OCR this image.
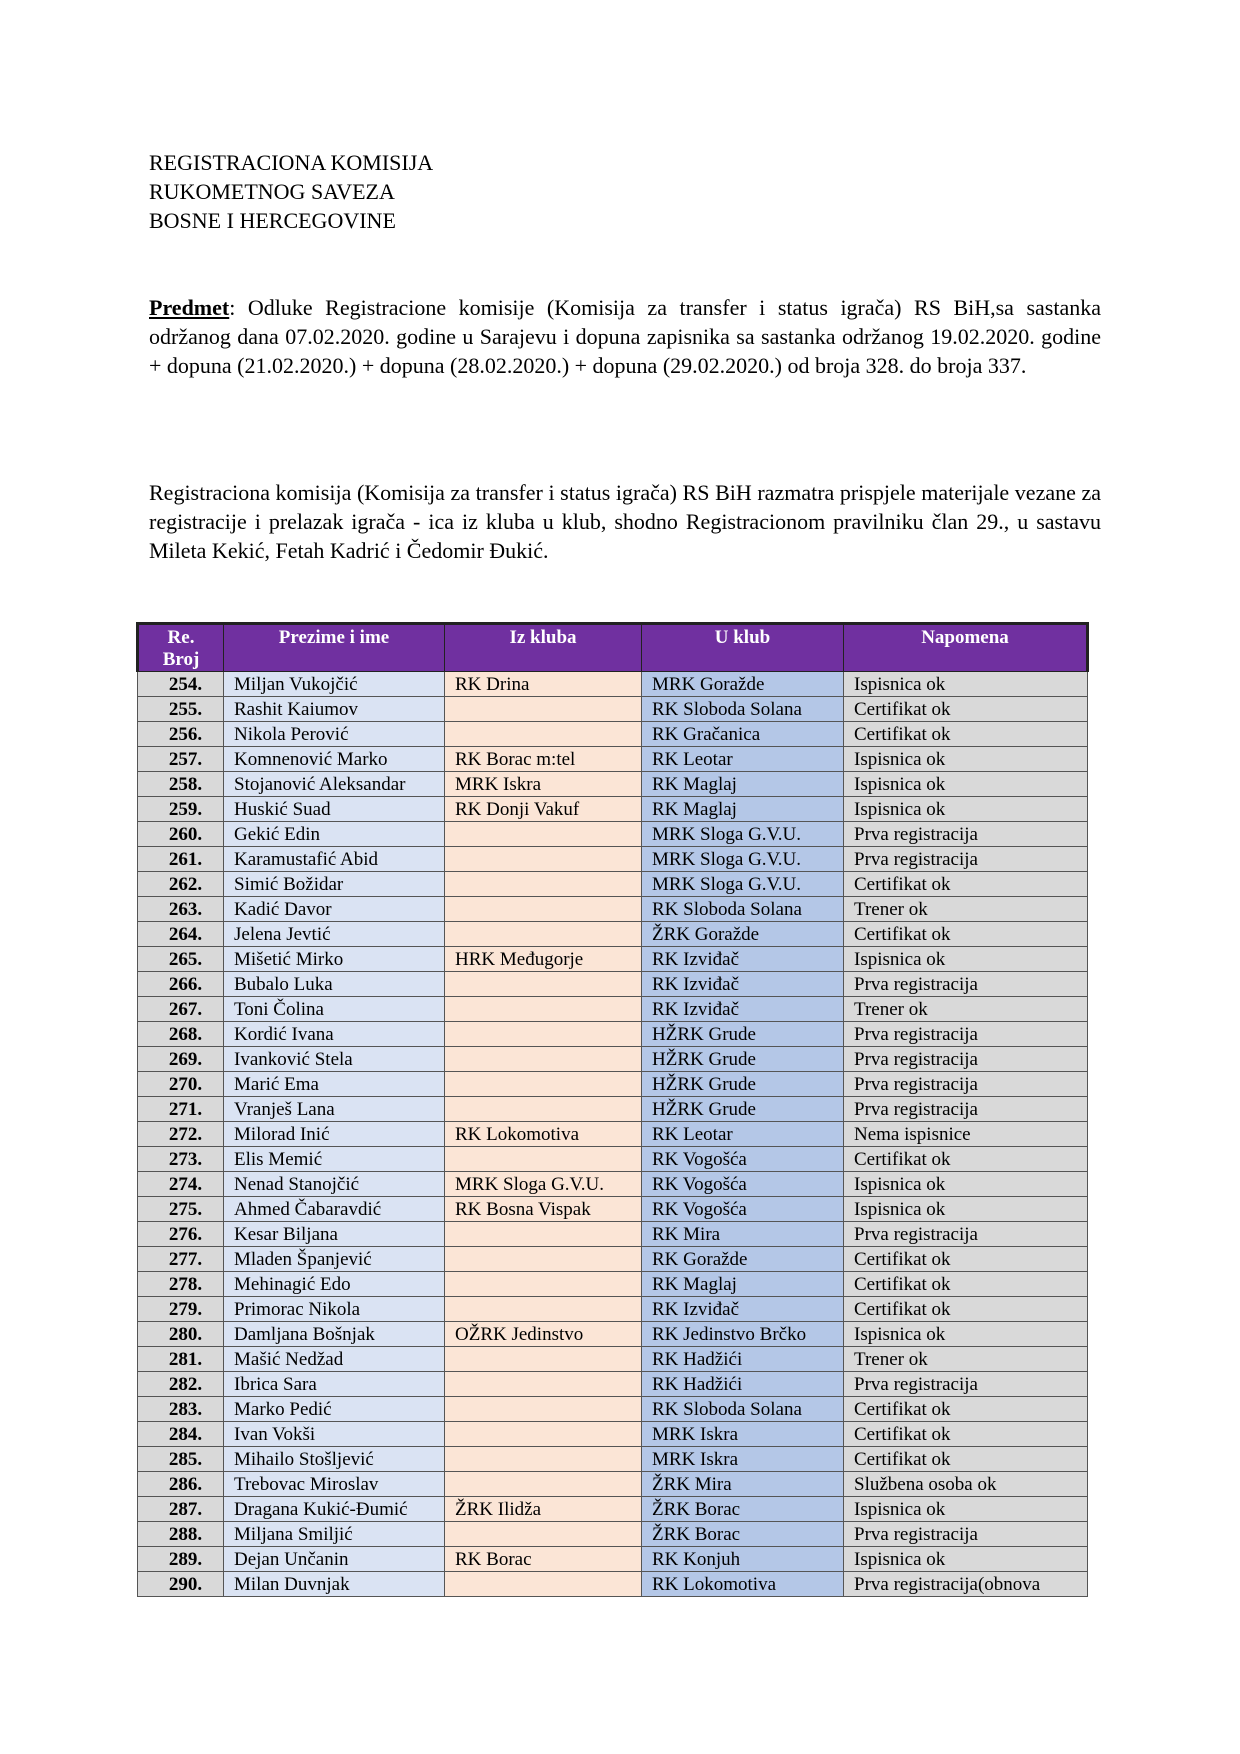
REGISTRACIONA KOMISIJA
RUKOMETNOG SAVEZA
BOSNE I HERCEGOVINE
Predmet: Odluke Registracione komisije (Komisija za transfer i status igrača) RS BiH,sa sastanka održanog dana 07.02.2020. godine u Sarajevu i dopuna zapisnika sa sastanka održanog 19.02.2020. godine + dopuna (21.02.2020.) + dopuna (28.02.2020.) + dopuna (29.02.2020.) od broja 328. do broja 337.
Registraciona komisija (Komisija za transfer i status igrača) RS BiH razmatra prispjele materijale vezane za registracije i prelazak igrača - ica iz kluba u klub, shodno Registracionom pravilniku član 29., u sastavu Mileta Kekić, Fetah Kadrić i Čedomir Đukić.
Re.
Broj	Prezime i ime	Iz kluba	U klub	Napomena
254.	Miljan Vukojčić	RK Drina	MRK Goražde	Ispisnica ok
255.	Rashit Kaiumov		RK Sloboda Solana	Certifikat ok
256.	Nikola Perović		RK Gračanica	Certifikat ok
257.	Komnenović Marko	RK Borac m:tel	RK Leotar	Ispisnica ok
258.	Stojanović Aleksandar	MRK Iskra	RK Maglaj	Ispisnica ok
259.	Huskić Suad	RK Donji Vakuf	RK Maglaj	Ispisnica ok
260.	Gekić Edin		MRK Sloga G.V.U.	Prva registracija
261.	Karamustafić Abid		MRK Sloga G.V.U.	Prva registracija
262.	Simić Božidar		MRK Sloga G.V.U.	Certifikat ok
263.	Kadić Davor		RK Sloboda Solana	Trener ok
264.	Jelena Jevtić		ŽRK Goražde	Certifikat ok
265.	Mišetić Mirko	HRK Međugorje	RK Izviđač	Ispisnica ok
266.	Bubalo Luka		RK Izviđač	Prva registracija
267.	Toni Čolina		RK Izviđač	Trener ok
268.	Kordić Ivana		HŽRK Grude	Prva registracija
269.	Ivanković Stela		HŽRK Grude	Prva registracija
270.	Marić Ema		HŽRK Grude	Prva registracija
271.	Vranješ Lana		HŽRK Grude	Prva registracija
272.	Milorad Inić	RK Lokomotiva	RK Leotar	Nema ispisnice
273.	Elis Memić		RK Vogošća	Certifikat ok
274.	Nenad Stanojčić	MRK Sloga G.V.U.	RK Vogošća	Ispisnica ok
275.	Ahmed Čabaravdić	RK Bosna Vispak	RK Vogošća	Ispisnica ok
276.	Kesar Biljana		RK Mira	Prva registracija
277.	Mladen Španjević		RK Goražde	Certifikat ok
278.	Mehinagić Edo		RK Maglaj	Certifikat ok
279.	Primorac Nikola		RK Izviđač	Certifikat ok
280.	Damljana Bošnjak	OŽRK Jedinstvo	RK Jedinstvo Brčko	Ispisnica ok
281.	Mašić Nedžad		RK Hadžići	Trener ok
282.	Ibrica Sara		RK Hadžići	Prva registracija
283.	Marko Pedić		RK Sloboda Solana	Certifikat ok
284.	Ivan Vokši		MRK Iskra	Certifikat ok
285.	Mihailo Stošljević		MRK Iskra	Certifikat ok
286.	Trebovac Miroslav		ŽRK Mira	Službena osoba ok
287.	Dragana Kukić-Đumić	ŽRK Ilidža	ŽRK Borac	Ispisnica ok
288.	Miljana Smiljić		ŽRK Borac	Prva registracija
289.	Dejan Unčanin	RK Borac	RK Konjuh	Ispisnica ok
290.	Milan Duvnjak		RK Lokomotiva	Prva registracija(obnova
